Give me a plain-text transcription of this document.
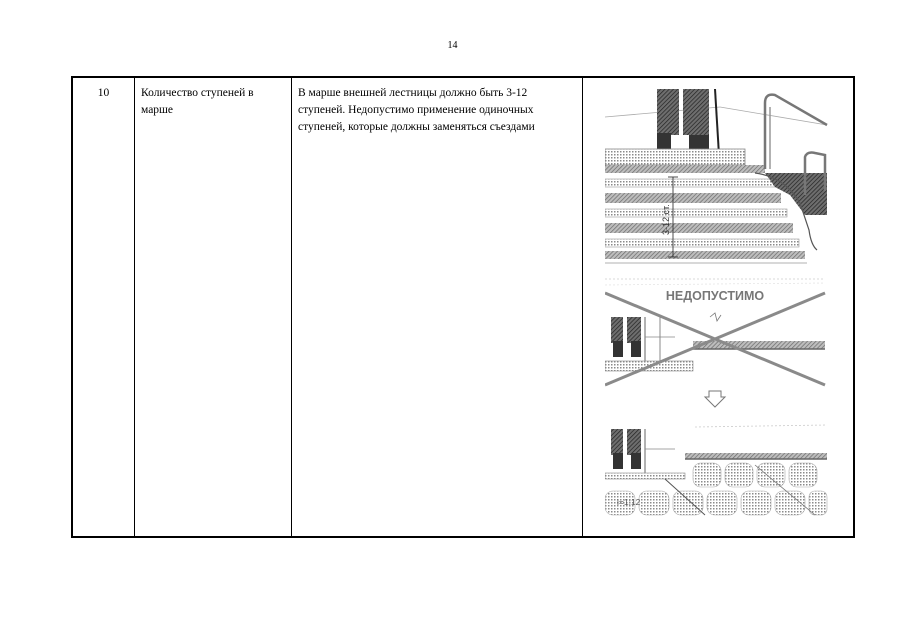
14
10	Количество ступеней в марше	В марше внешней лестницы должно быть 3-12 ступеней. Недопустимо применение одиночных ступеней, которые должны заменяться съездами	
3-12 ст.
НЕДОПУСТИМО
i=1:12
